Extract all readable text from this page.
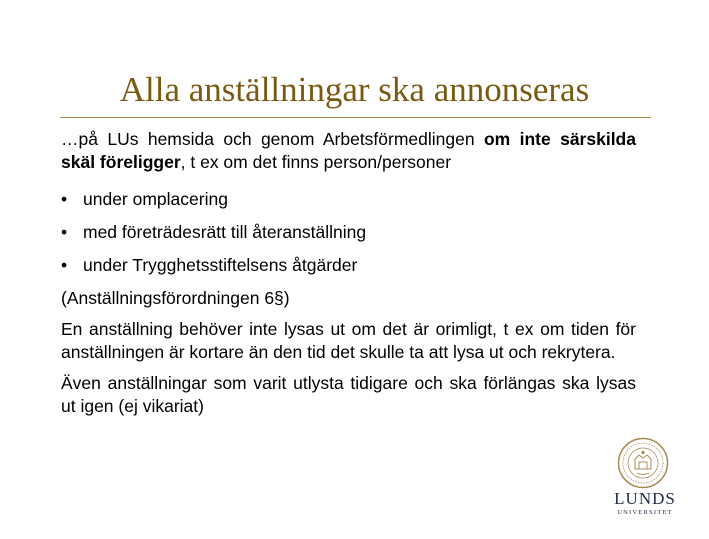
Alla anställningar ska annonseras

…på LUs hemsida och genom Arbetsförmedlingen om inte särskilda skäl föreligger, t ex om det finns person/personer

• under omplacering
• med företrädesrätt till återanställning
• under Trygghetsstiftelsens åtgärder

(Anställningsförordningen 6§)

En anställning behöver inte lysas ut om det är orimligt, t ex om tiden för anställningen är kortare än den tid det skulle ta att lysa ut och rekrytera.

Även anställningar som varit utlysta tidigare och ska förlängas ska lysas ut igen (ej vikariat)

LUNDS
UNIVERSITET
